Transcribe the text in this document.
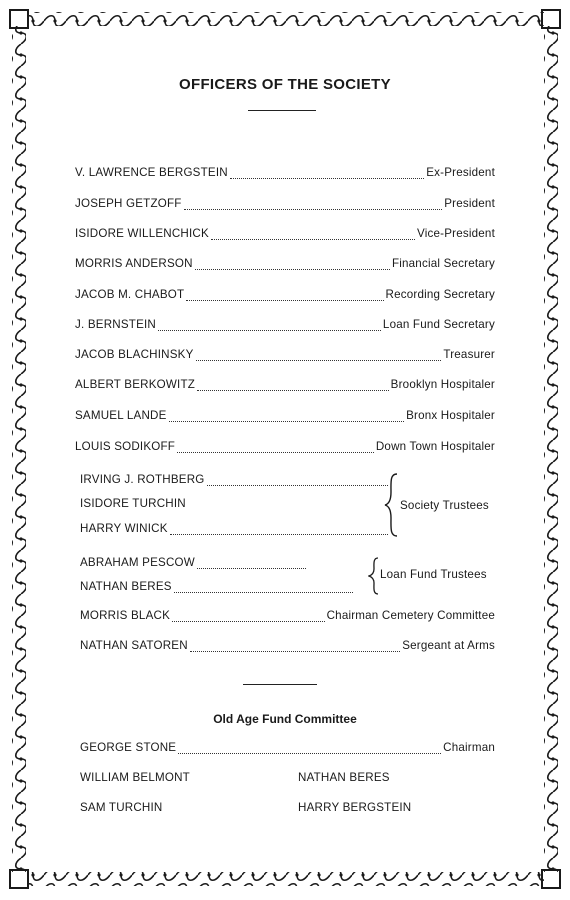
OFFICERS OF THE SOCIETY
V. LAWRENCE BERGSTEIN	Ex-President
JOSEPH GETZOFF	President
ISIDORE WILLENCHICK	Vice-President
MORRIS ANDERSON	Financial Secretary
JACOB M. CHABOT	Recording Secretary
J. BERNSTEIN	Loan Fund Secretary
JACOB BLACHINSKY	Treasurer
ALBERT BERKOWITZ	Brooklyn Hospitaler
SAMUEL LANDE	Bronx Hospitaler
LOUIS SODIKOFF	Down Town Hospitaler
IRVING J. ROTHBERG
ISIDORE TURCHIN
HARRY WINICK
Society Trustees
ABRAHAM PESCOW
NATHAN BERES
Loan Fund Trustees
MORRIS BLACK	Chairman Cemetery Committee
NATHAN SATOREN	Sergeant at Arms
Old Age Fund Committee
GEORGE STONE	Chairman
WILLIAM BELMONT	NATHAN BERES
SAM TURCHIN	HARRY BERGSTEIN
